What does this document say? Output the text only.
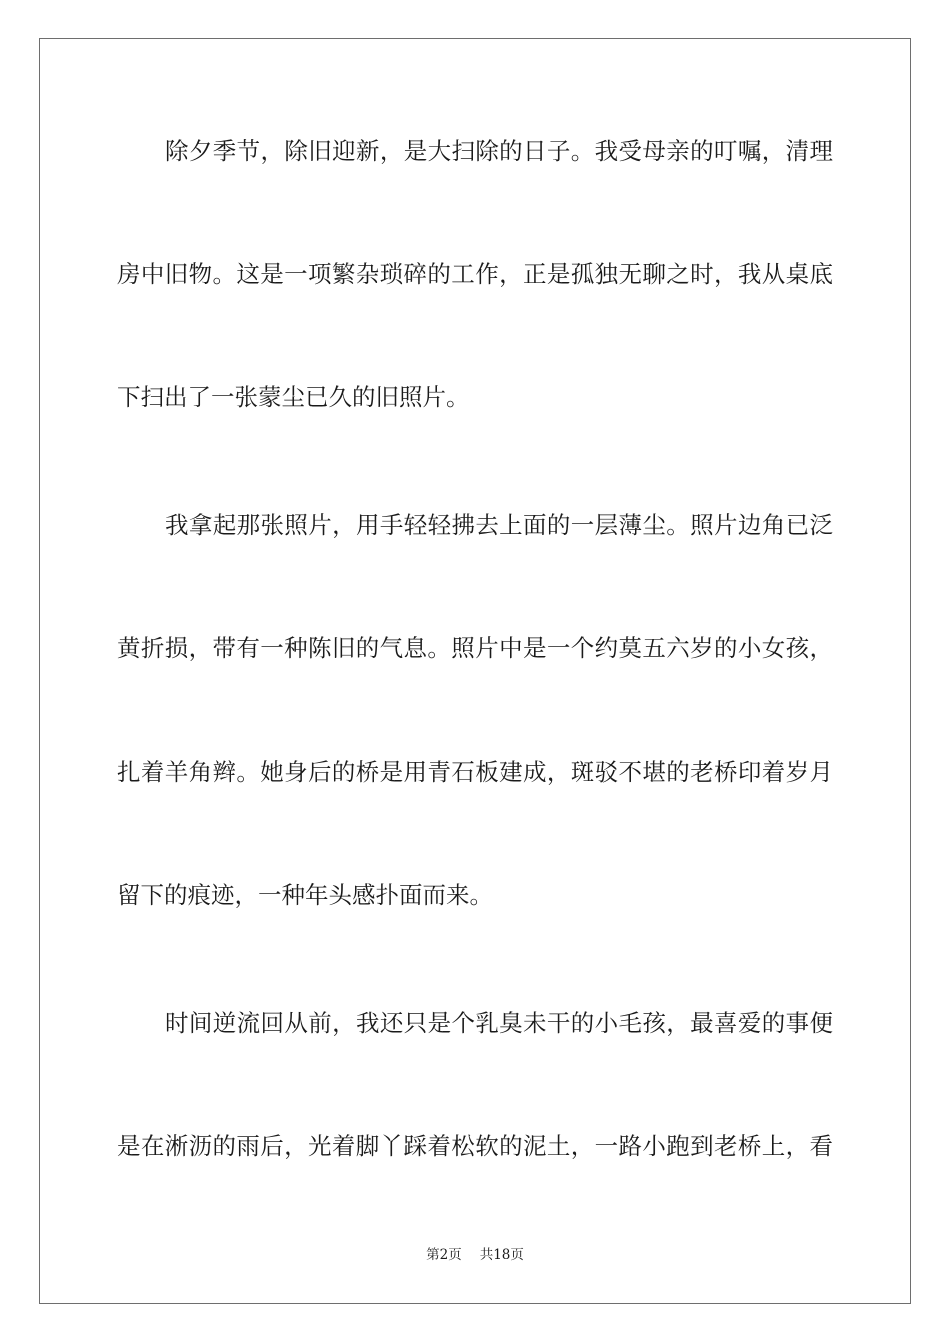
除夕季节，除旧迎新，是大扫除的日子。我受母亲的叮嘱，清理
房中旧物。这是一项繁杂琐碎的工作，正是孤独无聊之时，我从桌底
下扫出了一张蒙尘已久的旧照片。
我拿起那张照片，用手轻轻拂去上面的一层薄尘。照片边角已泛
黄折损，带有一种陈旧的气息。照片中是一个约莫五六岁的小女孩，
扎着羊角辫。她身后的桥是用青石板建成，斑驳不堪的老桥印着岁月
留下的痕迹，一种年头感扑面而来。
时间逆流回从前，我还只是个乳臭未干的小毛孩，最喜爱的事便
是在淅沥的雨后，光着脚丫踩着松软的泥土，一路小跑到老桥上，看
第2页 共18页
